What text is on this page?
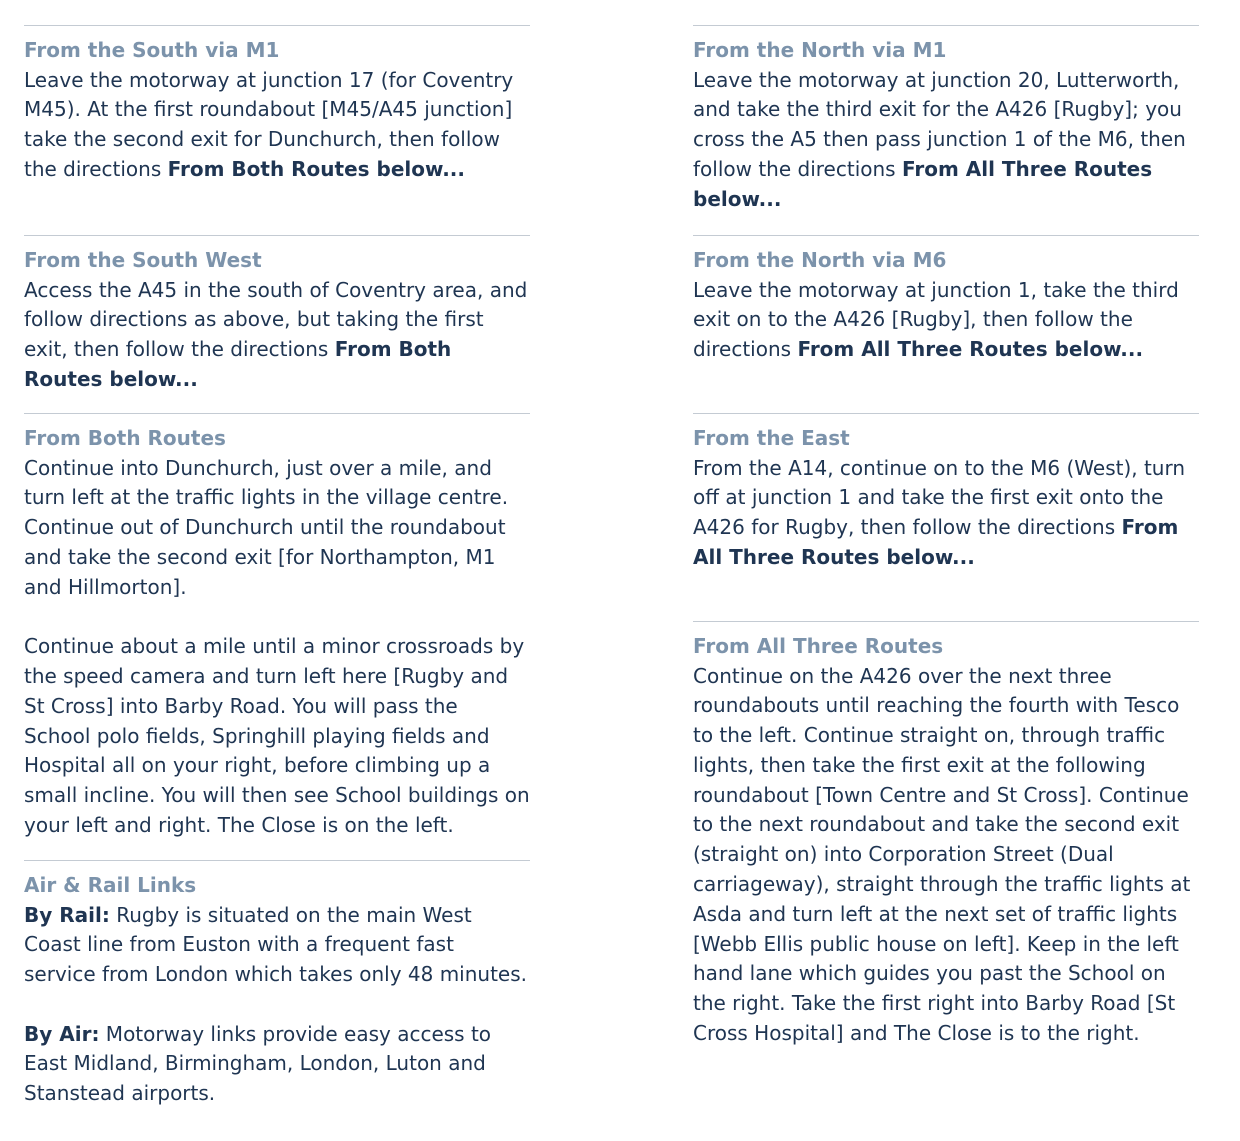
From the South via M1

Leave the motorway at junction 17 (for Coventry M45). At the first roundabout [M45/A45 junction] take the second exit for Dunchurch, then follow the directions From Both Routes below...

From the South West

Access the A45 in the south of Coventry area, and follow directions as above, but taking the first exit, then follow the directions From Both Routes below...

From Both Routes

Continue into Dunchurch, just over a mile, and turn left at the traffic lights in the village centre. Continue out of Dunchurch until the roundabout and take the second exit [for Northampton, M1 and Hillmorton].

Continue about a mile until a minor crossroads by the speed camera and turn left here [Rugby and St Cross] into Barby Road. You will pass the School polo fields, Springhill playing fields and Hospital all on your right, before climbing up a small incline. You will then see School buildings on your left and right. The Close is on the left.

Air & Rail Links

By Rail: Rugby is situated on the main West Coast line from Euston with a frequent fast service from London which takes only 48 minutes.

By Air: Motorway links provide easy access to East Midland, Birmingham, London, Luton and Stanstead airports.

From the North via M1

Leave the motorway at junction 20, Lutterworth, and take the third exit for the A426 [Rugby]; you cross the A5 then pass junction 1 of the M6, then follow the directions From All Three Routes below...

From the North via M6

Leave the motorway at junction 1, take the third exit on to the A426 [Rugby], then follow the directions From All Three Routes below...

From the East

From the A14, continue on to the M6 (West), turn off at junction 1 and take the first exit onto the A426 for Rugby, then follow the directions From All Three Routes below...

From All Three Routes

Continue on the A426 over the next three roundabouts until reaching the fourth with Tesco to the left. Continue straight on, through traffic lights, then take the first exit at the following roundabout [Town Centre and St Cross]. Continue to the next roundabout and take the second exit (straight on) into Corporation Street (Dual carriageway), straight through the traffic lights at Asda and turn left at the next set of traffic lights [Webb Ellis public house on left]. Keep in the left hand lane which guides you past the School on the right. Take the first right into Barby Road [St Cross Hospital] and The Close is to the right.
